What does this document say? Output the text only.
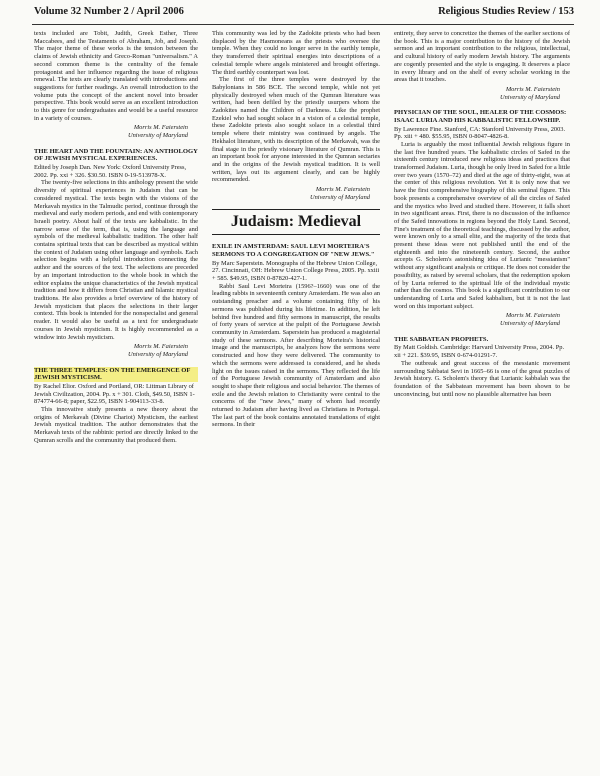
Volume 32 Number 2 / April 2006	Religious Studies Review / 153

texts included are Tobit, Judith, Greek Esther, Three Maccabees, and the Testaments of Abraham, Job, and Joseph. The major theme of these works is the tension between the claims of Jewish ethnicity and Greco-Roman "universalism." A second common theme is the centrality of the female protagonist and her influence regarding the issue of religious renewal. The texts are clearly translated with introductions and suggestions for further readings. An overall introduction to the volume puts the concept of the ancient novel into broader perspective. This book would serve as an excellent introduction to this genre for undergraduates and would be a useful resource in a variety of courses.

Morris M. Faierstein
University of Maryland
THE HEART AND THE FOUNTAIN: AN ANTHOLOGY OF JEWISH MYSTICAL EXPERIENCES.

Edited by Joseph Dan. New York: Oxford University Press, 2002. Pp. xxi + 326. $30.50. ISBN 0-19-513978-X.

The twenty-five selections in this anthology present the wide diversity of spiritual experiences in Judaism that can be considered mystical. The texts begin with the visions of the Merkavah mystics in the Talmudic period, continue through the medieval and early modern periods, and end with contemporary Israeli poetry. About half of the texts are kabbalistic. In the narrow sense of the term, that is, using the language and symbols of the medieval kabbalistic tradition. The other half contains spiritual texts that can be described as mystical within the context of Judaism using other language and symbols. Each selection begins with a helpful introduction connecting the author and the sources of the text. The selections are preceded by an important introduction to the whole book in which the editor explains the unique characteristics of the Jewish mystical tradition and how it differs from Christian and Islamic mystical traditions. He also provides a brief overview of the history of Jewish mysticism that places the selections in their larger context. This book is intended for the nonspecialist and general reader. It would also be useful as a text for undergraduate courses in Jewish mysticism. It is highly recommended as a window into Jewish mysticism.

Morris M. Faierstein
University of Maryland
THE THREE TEMPLES: ON THE EMERGENCE OF JEWISH MYSTICISM.

By Rachel Elior. Oxford and Portland, OR: Littman Library of Jewish Civilization, 2004. Pp. x + 301. Cloth, $49.50, ISBN 1-874774-66-8; paper, $22.95, ISBN 1-904113-33-8.

This innovative study presents a new theory about the origins of Merkavah (Divine Chariot) Mysticism, the earliest Jewish mystical tradition. The author demonstrates that the Merkavah texts of the rabbinic period are directly linked to the Qumran scrolls and the community that produced them.

This community was led by the Zadokite priests who had been displaced by the Hasmoneans as the priests who oversee the temple. When they could no longer serve in the earthly temple, they transferred their spiritual energies into descriptions of a celestial temple where angels ministered and brought offerings. The third earthly counterpart was lost.

The first of the three temples were destroyed by the Babylonians in 586 BCE. The second temple, while not yet physically destroyed when much of the Qumran literature was written, had been defiled by the priestly usurpers whom the Zadokites named the Children of Darkness. Like the prophet Ezekiel who had sought solace in a vision of a celestial temple, these Zadokite priests also sought solace in a celestial third temple where their ministry was continued by angels. The Hekhalot literature, with its description of the Merkavah, was the final stage in the priestly visionary literature of Qumran. This is an important book for anyone interested in the Qumran sectaries and in the origins of the Jewish mystical tradition. It is well written, lays out its argument clearly, and can be highly recommended.

Morris M. Faierstein
University of Maryland
Judaism: Medieval
EXILE IN AMSTERDAM: SAUL LEVI MORTEIRA'S SERMONS TO A CONGREGATION OF "NEW JEWS."

By Marc Saperstein. Monographs of the Hebrew Union College, 27. Cincinnati, OH: Hebrew Union College Press, 2005. Pp. xxiii + 585. $49.95, ISBN 0-87820-427-1.

Rabbi Saul Levi Morteira (1596?–1660) was one of the leading rabbis in seventeenth century Amsterdam. He was also an outstanding preacher and a volume containing fifty of his sermons was published during his lifetime. In addition, he left behind five hundred and fifty sermons in manuscript, the results of forty years of service at the pulpit of the Portuguese Jewish community in Amsterdam. Saperstein has produced a magisterial study of these sermons. After describing Morteira's historical image and the manuscripts, he analyzes how the sermons were constructed and how they were delivered. The community to which the sermons were addressed is considered, and he sheds light on the issues raised in the sermons. They reflected the life of the Portuguese Jewish community of Amsterdam and also sought to shape their religious and social behavior. The themes of exile and the Jewish relation to Christianity were central to the concerns of the "new Jews," many of whom had recently returned to Judaism after having lived as Christians in Portugal. The last part of the book contains annotated translations of eight sermons. In their

entirety, they serve to concretize the themes of the earlier sections of the book. This is a major contribution to the history of the Jewish sermon and an important contribution to the religious, intellectual, and cultural history of early modern Jewish history. The arguments are cogently presented and the style is engaging. It deserves a place in every library and on the shelf of every scholar working in the areas that it touches.

Morris M. Faierstein
University of Maryland
PHYSICIAN OF THE SOUL, HEALER OF THE COSMOS: ISAAC LURIA AND HIS KABBALISTIC FELLOWSHIP.

By Lawrence Fine. Stanford, CA: Stanford University Press, 2003. Pp. xiii + 480. $55.95, ISBN 0-8047-4826-8.

Luria is arguably the most influential Jewish religious figure in the last five hundred years. The kabbalistic circles of Safed in the sixteenth century introduced new religious ideas and practices that transformed Judaism. Luria, though he only lived in Safed for a little over two years (1570–72) and died at the age of thirty-eight, was at the center of this religious revolution. Yet it is only now that we have the first comprehensive biography of this seminal figure. This book presents a comprehensive overview of all the circles of Safed and the mystics who lived and studied there. However, it falls short in two significant areas. First, there is no discussion of the influence of the Safed innovations in regions beyond the Holy Land. Second, Fine's treatment of the theoretical teachings, discussed by the author, were known only to a small elite, and the majority of the texts that present these ideas were not published until the end of the eighteenth and into the nineteenth century. Second, the author accepts G. Scholem's astonishing idea of Lurianic "messianism" without any significant analysis or critique. He does not consider the possibility, as raised by several scholars, that the redemption spoken of by Luria referred to the spiritual life of the individual mystic rather than the cosmos. This book is a significant contribution to our understanding of Luria and Safed kabbalism, but it is not the last word on this important subject.

Morris M. Faierstein
University of Maryland
THE SABBATEAN PROPHETS.

By Matt Goldish. Cambridge: Harvard University Press, 2004. Pp. xii + 221. $39.95, ISBN 0-674-01291-7.

The outbreak and great success of the messianic movement surrounding Sabbatai Sevi in 1665–66 is one of the great puzzles of Jewish history. G. Scholem's theory that Lurianic kabbalah was the foundation of the Sabbatean movement has been shown to be unconvincing, but until now no plausible alternative has been
